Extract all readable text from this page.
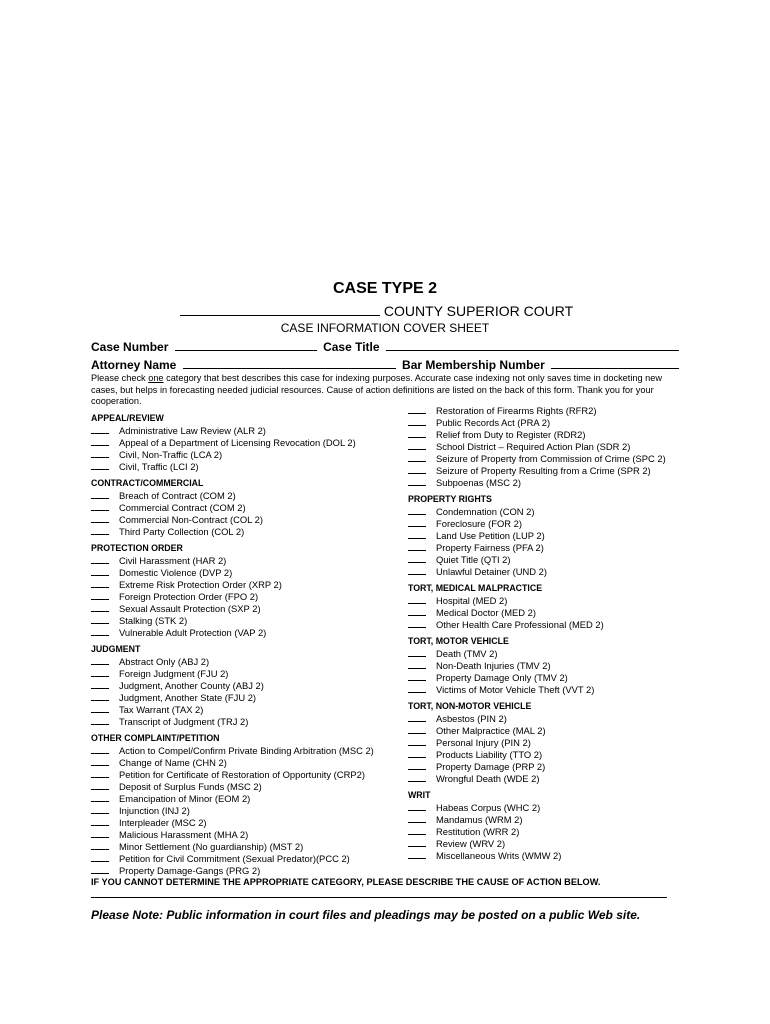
CASE TYPE 2
COUNTY SUPERIOR COURT
CASE INFORMATION COVER SHEET
Case Number	Case Title
Attorney Name	Bar Membership Number
Please check one category that best describes this case for indexing purposes. Accurate case indexing not only saves time in docketing new cases, but helps in forecasting needed judicial resources. Cause of action definitions are listed on the back of this form. Thank you for your cooperation.
APPEAL/REVIEW
Administrative Law Review (ALR 2)
Appeal of a Department of Licensing Revocation (DOL 2)
Civil, Non-Traffic (LCA 2)
Civil, Traffic (LCI 2)
CONTRACT/COMMERCIAL
Breach of Contract (COM 2)
Commercial Contract (COM 2)
Commercial Non-Contract (COL 2)
Third Party Collection (COL 2)
PROTECTION ORDER
Civil Harassment (HAR 2)
Domestic Violence (DVP 2)
Extreme Risk Protection Order (XRP 2)
Foreign Protection Order (FPO 2)
Sexual Assault Protection (SXP 2)
Stalking (STK 2)
Vulnerable Adult Protection (VAP 2)
JUDGMENT
Abstract Only (ABJ 2)
Foreign Judgment (FJU 2)
Judgment, Another County (ABJ 2)
Judgment, Another State (FJU 2)
Tax Warrant (TAX 2)
Transcript of Judgment (TRJ 2)
OTHER COMPLAINT/PETITION
Action to Compel/Confirm Private Binding Arbitration (MSC 2)
Change of Name (CHN 2)
Petition for Certificate of Restoration of Opportunity (CRP2)
Deposit of Surplus Funds (MSC 2)
Emancipation of Minor (EOM 2)
Injunction (INJ 2)
Interpleader (MSC 2)
Malicious Harassment (MHA 2)
Minor Settlement (No guardianship) (MST 2)
Petition for Civil Commitment (Sexual Predator)(PCC 2)
Property Damage-Gangs (PRG 2)
Restoration of Firearms Rights (RFR2)
Public Records Act (PRA 2)
Relief from Duty to Register (RDR2)
School District – Required Action Plan (SDR 2)
Seizure of Property from Commission of Crime (SPC 2)
Seizure of Property Resulting from a Crime (SPR 2)
Subpoenas (MSC 2)
PROPERTY RIGHTS
Condemnation (CON 2)
Foreclosure (FOR 2)
Land Use Petition (LUP 2)
Property Fairness (PFA 2)
Quiet Title (QTI 2)
Unlawful Detainer (UND 2)
TORT, MEDICAL MALPRACTICE
Hospital (MED 2)
Medical Doctor (MED 2)
Other Health Care Professional (MED 2)
TORT, MOTOR VEHICLE
Death (TMV 2)
Non-Death Injuries (TMV 2)
Property Damage Only (TMV 2)
Victims of Motor Vehicle Theft (VVT 2)
TORT, NON-MOTOR VEHICLE
Asbestos (PIN 2)
Other Malpractice (MAL 2)
Personal Injury (PIN 2)
Products Liability (TTO 2)
Property Damage (PRP 2)
Wrongful Death (WDE 2)
WRIT
Habeas Corpus (WHC 2)
Mandamus (WRM 2)
Restitution (WRR 2)
Review (WRV 2)
Miscellaneous Writs (WMW 2)
IF YOU CANNOT DETERMINE THE APPROPRIATE CATEGORY, PLEASE DESCRIBE THE CAUSE OF ACTION BELOW.
Please Note: Public information in court files and pleadings may be posted on a public Web site.
